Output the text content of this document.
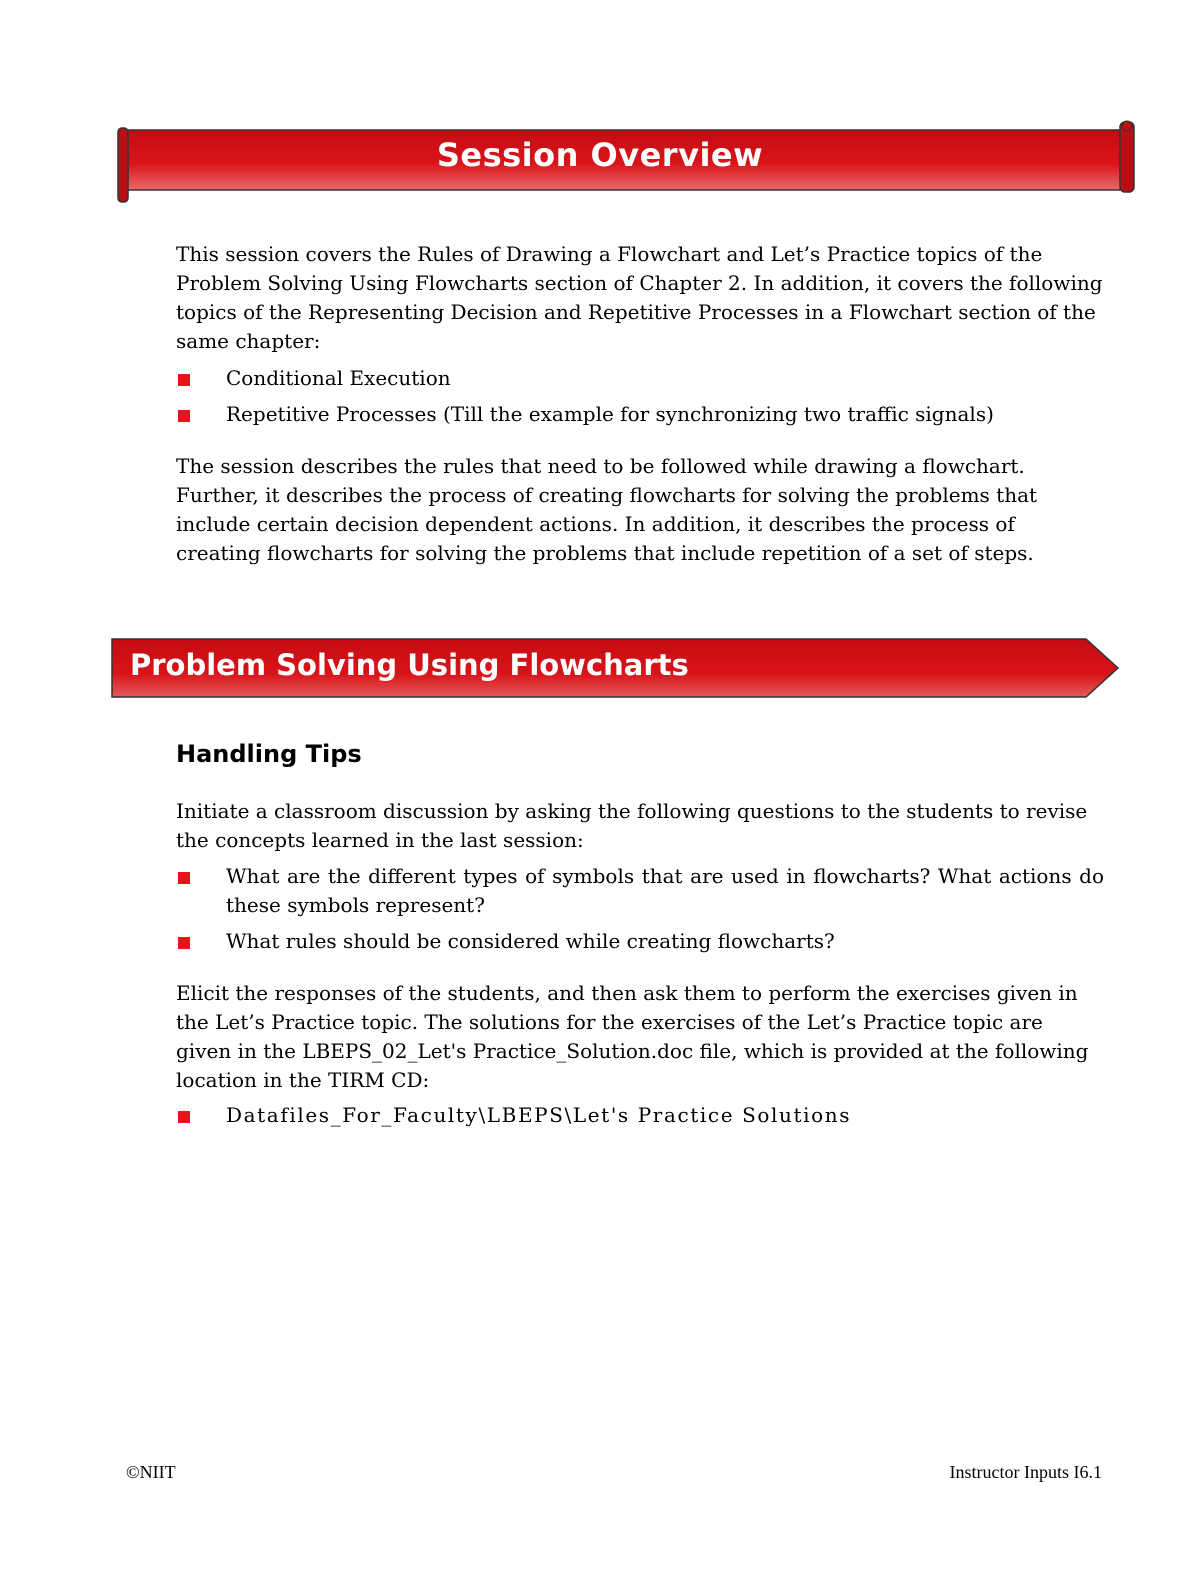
Session Overview
This session covers the Rules of Drawing a Flowchart and Let’s Practice topics of the Problem Solving Using Flowcharts section of Chapter 2. In addition, it covers the following topics of the Representing Decision and Repetitive Processes in a Flowchart section of the same chapter:
Conditional Execution
Repetitive Processes (Till the example for synchronizing two traffic signals)
The session describes the rules that need to be followed while drawing a flowchart. Further, it describes the process of creating flowcharts for solving the problems that include certain decision dependent actions. In addition, it describes the process of creating flowcharts for solving the problems that include repetition of a set of steps.
Problem Solving Using Flowcharts
Handling Tips
Initiate a classroom discussion by asking the following questions to the students to revise the concepts learned in the last session:
What are the different types of symbols that are used in flowcharts? What actions do these symbols represent?
What rules should be considered while creating flowcharts?
Elicit the responses of the students, and then ask them to perform the exercises given in the Let’s Practice topic. The solutions for the exercises of the Let’s Practice topic are given in the LBEPS_02_Let's Practice_Solution.doc file, which is provided at the following location in the TIRM CD:
Datafiles_For_Faculty\LBEPS\Let's Practice Solutions
©NIIT	Instructor Inputs I6.1
